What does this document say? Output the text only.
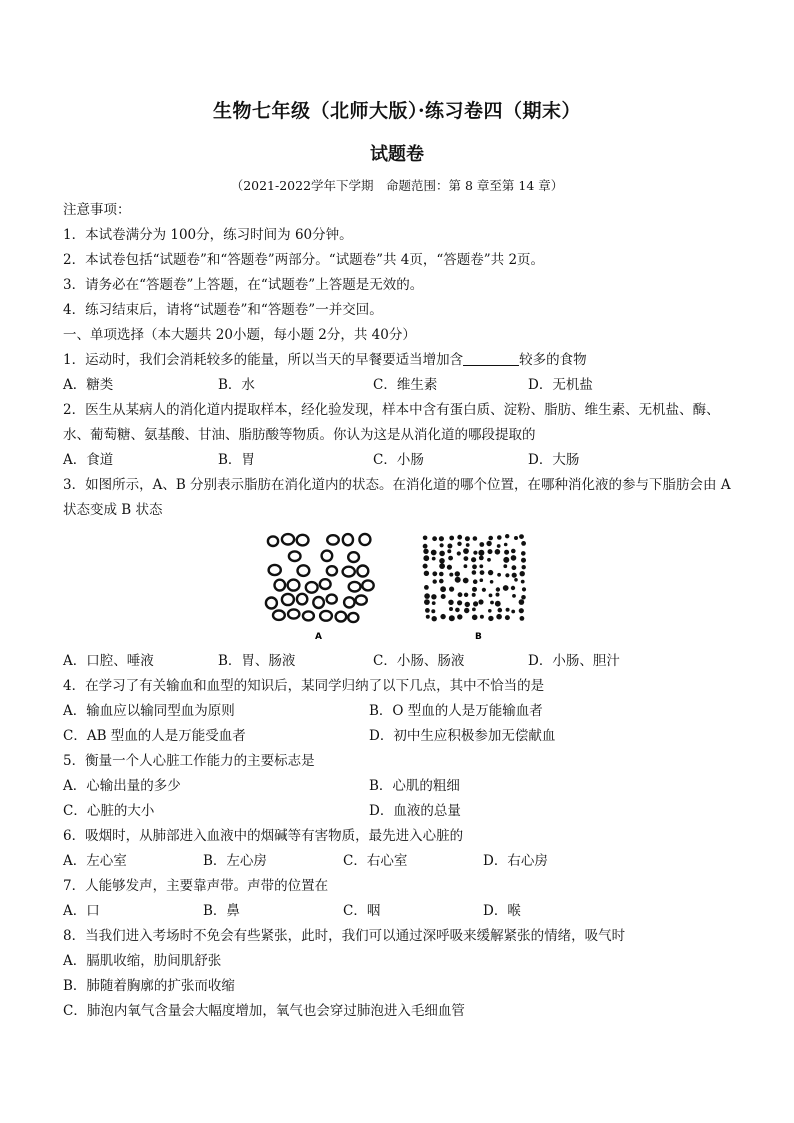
生物七年级（北师大版）·练习卷四（期末）
试题卷
（2021-2022学年下学期　命题范围：第 8 章至第 14 章）
注意事项：
1．本试卷满分为 100分，练习时间为 60分钟。
2．本试卷包括“试题卷”和“答题卷”两部分。“试题卷”共 4页，“答题卷”共 2页。
3．请务必在“答题卷”上答题，在“试题卷”上答题是无效的。
4．练习结束后，请将“试题卷”和“答题卷”一并交回。
一、单项选择（本大题共 20小题，每小题 2分，共 40分）
1．运动时，我们会消耗较多的能量，所以当天的早餐要适当增加含	较多的食物
A．糖类	B．水	C．维生素	D．无机盐
2．医生从某病人的消化道内提取样本，经化验发现，样本中含有蛋白质、淀粉、脂肪、维生素、无机盐、酶、水、葡萄糖、氨基酸、甘油、脂肪酸等物质。你认为这是从消化道的哪段提取的
A．食道	B．胃	C．小肠	D．大肠
3．如图所示，A、B 分别表示脂肪在消化道内的状态。在消化道的哪个位置，在哪种消化液的参与下脂肪会由 A 状态变成 B 状态
A	B
A．口腔、唾液	B．胃、肠液	C．小肠、肠液	D．小肠、胆汁
4．在学习了有关输血和血型的知识后，某同学归纳了以下几点，其中不恰当的是
A．输血应以输同型血为原则	B．O 型血的人是万能输血者
C．AB 型血的人是万能受血者	D．初中生应积极参加无偿献血
5．衡量一个人心脏工作能力的主要标志是
A．心输出量的多少	B．心肌的粗细
C．心脏的大小	D．血液的总量
6．吸烟时，从肺部进入血液中的烟碱等有害物质，最先进入心脏的
A．左心室	B．左心房	C．右心室	D．右心房
7．人能够发声，主要靠声带。声带的位置在
A．口	B．鼻	C．咽	D．喉
8．当我们进入考场时不免会有些紧张，此时，我们可以通过深呼吸来缓解紧张的情绪，吸气时
A．膈肌收缩，肋间肌舒张
B．肺随着胸廓的扩张而收缩
C．肺泡内氧气含量会大幅度增加，氧气也会穿过肺泡进入毛细血管
